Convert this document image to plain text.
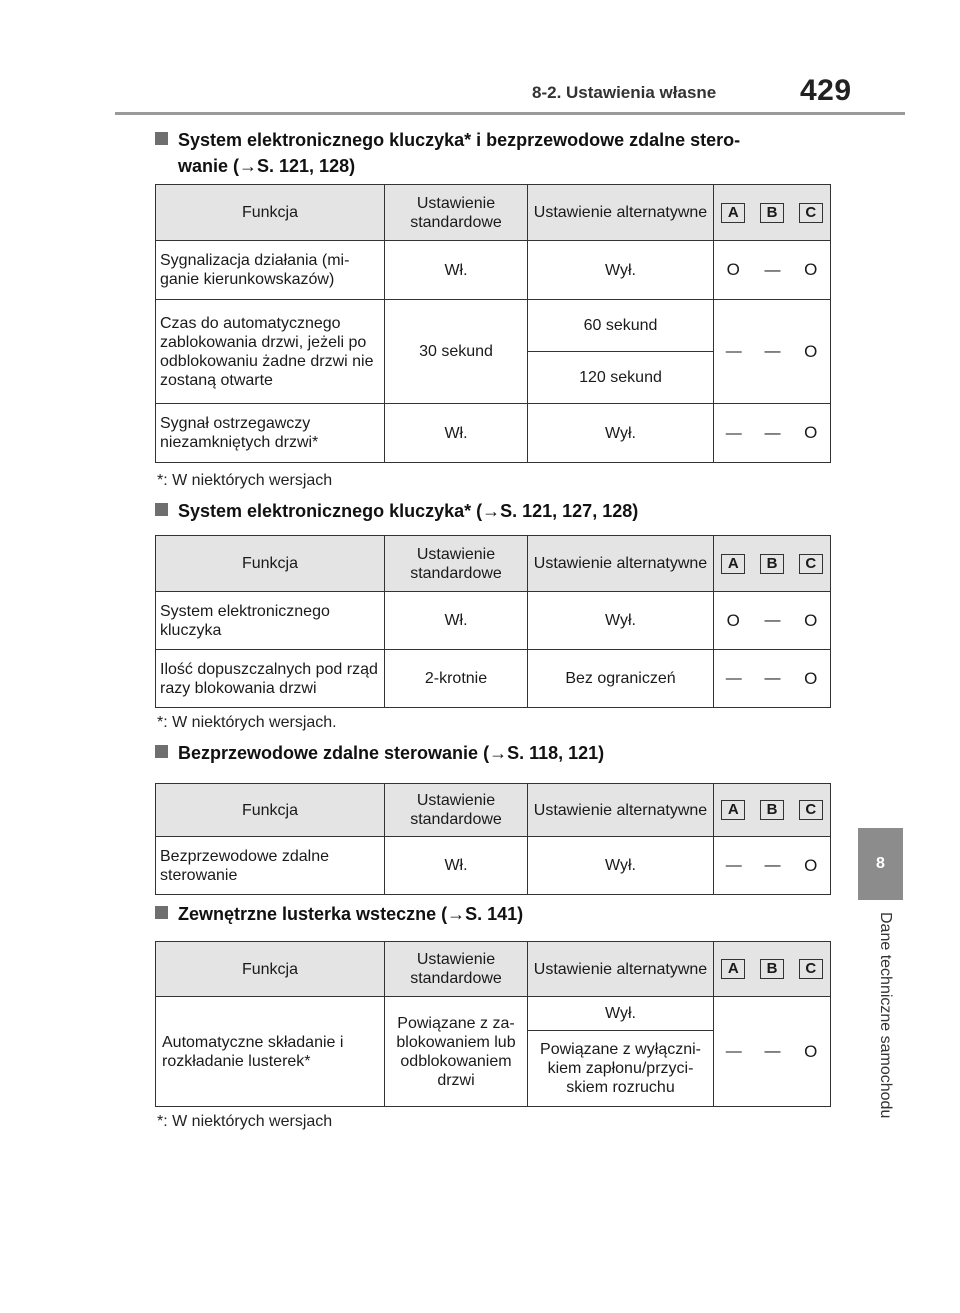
8-2. Ustawienia własne	429
8
Dane techniczne samochodu
System elektronicznego kluczyka* i bezprzewodowe zdalne stero-
wanie (→S. 121, 128)
Funkcja	Ustawienie standardowe	Ustawienie alternatywne	A	B	C
Sygnalizacja działania (mi-ganie kierunkowskazów)	Wł.	Wył.	O	—	O
Czas do automatycznego zablokowania drzwi, jeżeli po odblokowaniu żadne drzwi nie zostaną otwarte	30 sekund	60 sekund	—	—	O
		120 sekund			
Sygnał ostrzegawczy niezamkniętych drzwi*	Wł.	Wył.	—	—	O
*: W niektórych wersjach
System elektronicznego kluczyka* (→S. 121, 127, 128)
Funkcja	Ustawienie standardowe	Ustawienie alternatywne	A	B	C
System elektronicznego kluczyka	Wł.	Wył.	O	—	O
Ilość dopuszczalnych pod rząd razy blokowania drzwi	2-krotnie	Bez ograniczeń	—	—	O
*: W niektórych wersjach.
Bezprzewodowe zdalne sterowanie (→S. 118, 121)
Funkcja	Ustawienie standardowe	Ustawienie alternatywne	A	B	C
Bezprzewodowe zdalne sterowanie	Wł.	Wył.	—	—	O
Zewnętrzne lusterka wsteczne (→S. 141)
Funkcja	Ustawienie standardowe	Ustawienie alternatywne	A	B	C
Automatyczne składanie i rozkładanie lusterek*	Powiązane z za-blokowaniem lub odblokowaniem drzwi	Wył.	—	—	O
		Powiązane z wyłączni-kiem zapłonu/przyci-skiem rozruchu			
*: W niektórych wersjach
